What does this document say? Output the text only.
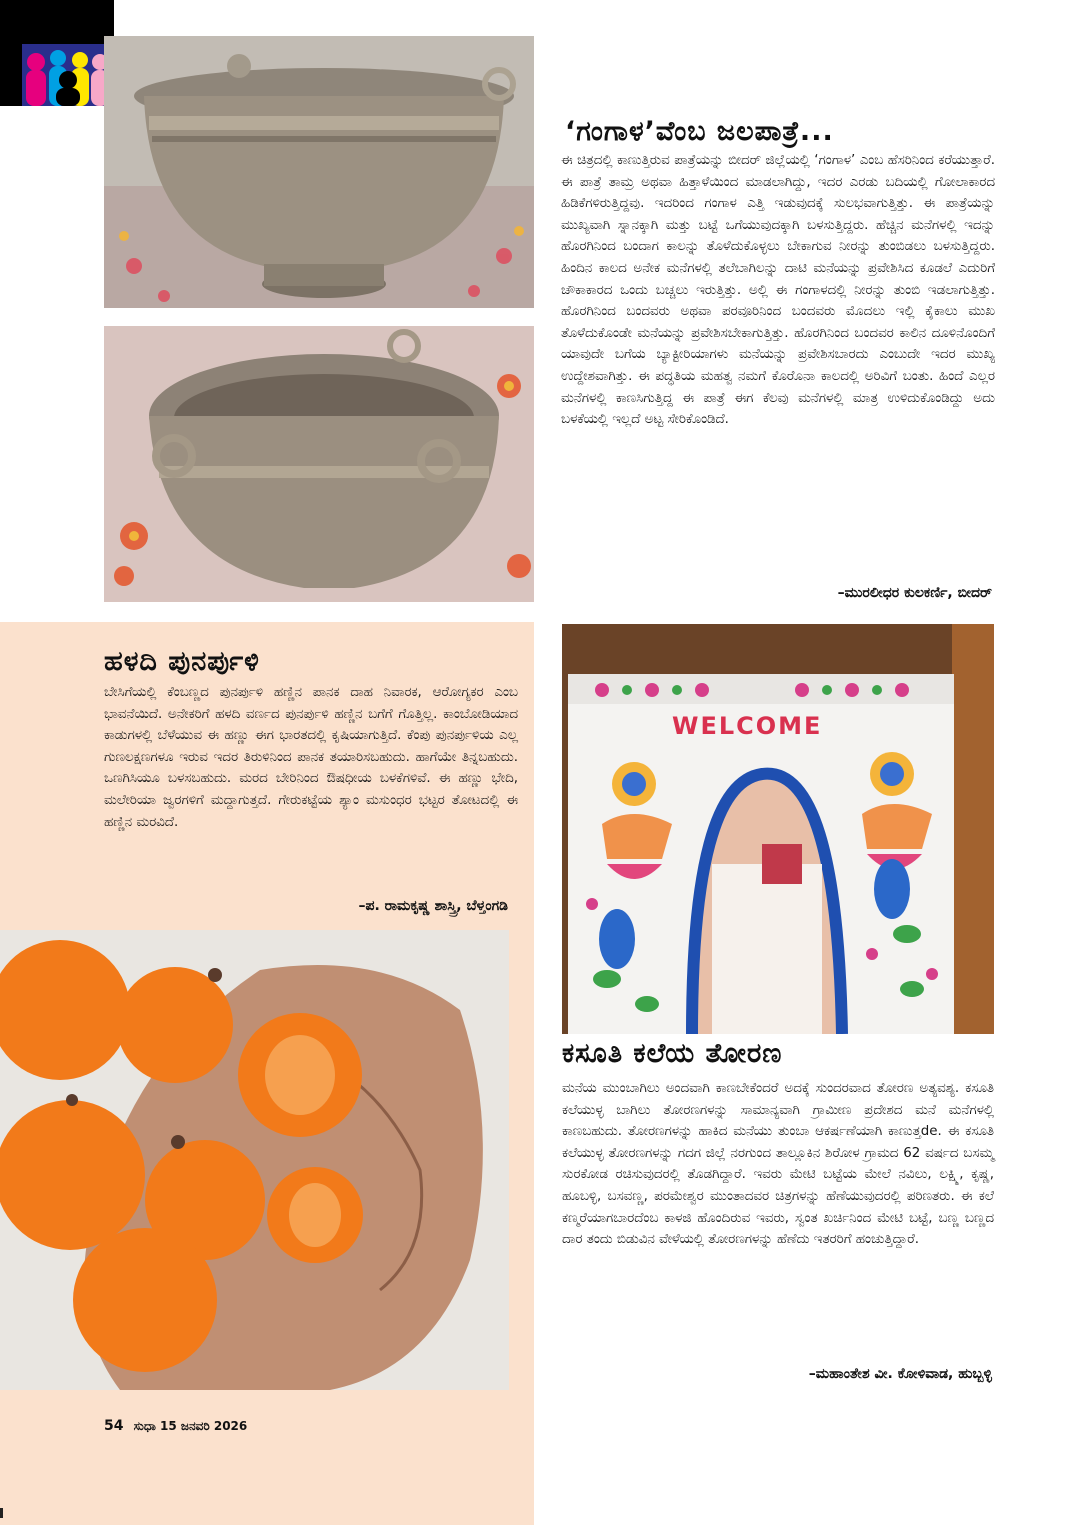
‘ಗಂಗಾಳ’ವೆಂಬ ಜಲಪಾತ್ರೆ...
ಈ ಚಿತ್ರದಲ್ಲಿ ಕಾಣುತ್ತಿರುವ ಪಾತ್ರೆಯನ್ನು ಬೀದರ್ ಜಿಲ್ಲೆಯಲ್ಲಿ ‘ಗಂಗಾಳ’ ಎಂಬ ಹೆಸರಿನಿಂದ ಕರೆಯುತ್ತಾರೆ. ಈ ಪಾತ್ರೆ ತಾಮ್ರ ಅಥವಾ ಹಿತ್ತಾಳೆಯಿಂದ ಮಾಡಲಾಗಿದ್ದು, ಇದರ ಎರಡು ಬದಿಯಲ್ಲಿ ಗೋಲಾಕಾರದ ಹಿಡಿಕೆಗಳಿರುತ್ತಿದ್ದವು. ಇದರಿಂದ ಗಂಗಾಳ ಎತ್ತಿ ಇಡುವುದಕ್ಕೆ ಸುಲಭವಾಗುತ್ತಿತ್ತು. ಈ ಪಾತ್ರೆಯನ್ನು ಮುಖ್ಯವಾಗಿ ಸ್ನಾನಕ್ಕಾಗಿ ಮತ್ತು ಬಟ್ಟೆ ಒಗೆಯುವುದಕ್ಕಾಗಿ ಬಳಸುತ್ತಿದ್ದರು. ಹೆಚ್ಚಿನ ಮನೆಗಳಲ್ಲಿ ಇದನ್ನು ಹೊರಗಿನಿಂದ ಬಂದಾಗ ಕಾಲನ್ನು ತೊಳೆದುಕೊಳ್ಳಲು ಬೇಕಾಗುವ ನೀರನ್ನು ತುಂಬಿಡಲು ಬಳಸುತ್ತಿದ್ದರು. ಹಿಂದಿನ ಕಾಲದ ಅನೇಕ ಮನೆಗಳಲ್ಲಿ ತಲೆಬಾಗಿಲನ್ನು ದಾಟಿ ಮನೆಯನ್ನು ಪ್ರವೇಶಿಸಿದ ಕೂಡಲೆ ಎದುರಿಗೆ ಚೌಕಾಕಾರದ ಒಂದು ಬಚ್ಚಲು ಇರುತ್ತಿತ್ತು. ಅಲ್ಲಿ ಈ ಗಂಗಾಳದಲ್ಲಿ ನೀರನ್ನು ತುಂಬಿ ಇಡಲಾಗುತ್ತಿತ್ತು. ಹೊರಗಿನಿಂದ ಬಂದವರು ಅಥವಾ ಪರವೂರಿನಿಂದ ಬಂದವರು ಮೊದಲು ಇಲ್ಲಿ ಕೈಕಾಲು ಮುಖ ತೊಳೆದುಕೊಂಡೇ ಮನೆಯನ್ನು ಪ್ರವೇಶಿಸಬೇಕಾಗುತ್ತಿತ್ತು. ಹೊರಗಿನಿಂದ ಬಂದವರ ಕಾಲಿನ ದೂಳಿನೊಂದಿಗೆ ಯಾವುದೇ ಬಗೆಯ ಬ್ಯಾಕ್ಟೀರಿಯಾಗಳು ಮನೆಯನ್ನು ಪ್ರವೇಶಿಸಬಾರದು ಎಂಬುದೇ ಇದರ ಮುಖ್ಯ ಉದ್ದೇಶವಾಗಿತ್ತು. ಈ ಪದ್ಧತಿಯ ಮಹತ್ವ ನಮಗೆ ಕೊರೊನಾ ಕಾಲದಲ್ಲಿ ಅರಿವಿಗೆ ಬಂತು. ಹಿಂದೆ ಎಲ್ಲರ ಮನೆಗಳಲ್ಲಿ ಕಾಣಸಿಗುತ್ತಿದ್ದ ಈ ಪಾತ್ರೆ ಈಗ ಕೆಲವು ಮನೆಗಳಲ್ಲಿ ಮಾತ್ರ ಉಳಿದುಕೊಂಡಿದ್ದು ಅದು ಬಳಕೆಯಲ್ಲಿ ಇಲ್ಲದೆ ಅಟ್ಟ ಸೇರಿಕೊಂಡಿದೆ.
–ಮುರಲೀಧರ ಕುಲಕರ್ಣಿ, ಬೀದರ್
ಹಳದಿ ಪುನರ್ಪುಳಿ
ಬೇಸಿಗೆಯಲ್ಲಿ ಕೆಂಬಣ್ಣದ ಪುನರ್ಪುಳಿ ಹಣ್ಣಿನ ಪಾನಕ ದಾಹ ನಿವಾರಕ, ಆರೋಗ್ಯಕರ ಎಂಬ ಭಾವನೆಯಿದೆ. ಅನೇಕರಿಗೆ ಹಳದಿ ವರ್ಣದ ಪುನರ್ಪುಳಿ ಹಣ್ಣಿನ ಬಗೆಗೆ ಗೊತ್ತಿಲ್ಲ. ಕಾಂಬೋಡಿಯಾದ ಕಾಡುಗಳಲ್ಲಿ ಬೆಳೆಯುವ ಈ ಹಣ್ಣು ಈಗ ಭಾರತದಲ್ಲಿ ಕೃಷಿಯಾಗುತ್ತಿದೆ. ಕೆಂಪು ಪುನರ್ಪುಳಿಯ ಎಲ್ಲ ಗುಣಲಕ್ಷಣಗಳೂ ಇರುವ ಇದರ ತಿರುಳಿನಿಂದ ಪಾನಕ ತಯಾರಿಸಬಹುದು. ಹಾಗೆಯೇ ತಿನ್ನಬಹುದು. ಒಣಗಿಸಿಯೂ ಬಳಸಬಹುದು. ಮರದ ಬೇರಿನಿಂದ ಔಷಧೀಯ ಬಳಕೆಗಳಿವೆ. ಈ ಹಣ್ಣು ಭೇದಿ, ಮಲೇರಿಯಾ ಜ್ವರಗಳಿಗೆ ಮದ್ದಾಗುತ್ತದೆ. ಗೇರುಕಟ್ಟೆಯ ಶ್ಯಾಂ ಮಸುಂಧರ ಭಟ್ಟರ ತೋಟದಲ್ಲಿ ಈ ಹಣ್ಣಿನ ಮರವಿದೆ.
–ಪ. ರಾಮಕೃಷ್ಣ ಶಾಸ್ತ್ರಿ, ಬೆಳ್ತಂಗಡಿ
WELCOME
ಕಸೂತಿ ಕಲೆಯ ತೋರಣ
ಮನೆಯ ಮುಂಬಾಗಿಲು ಅಂದವಾಗಿ ಕಾಣಬೇಕೆಂದರೆ ಅದಕ್ಕೆ ಸುಂದರವಾದ ತೋರಣ ಅತ್ಯವಶ್ಯ. ಕಸೂತಿ ಕಲೆಯುಳ್ಳ ಬಾಗಿಲು ತೋರಣಗಳನ್ನು ಸಾಮಾನ್ಯವಾಗಿ ಗ್ರಾಮೀಣ ಪ್ರದೇಶದ ಮನೆ ಮನೆಗಳಲ್ಲಿ ಕಾಣಬಹುದು. ತೋರಣಗಳನ್ನು ಹಾಕಿದ ಮನೆಯು ತುಂಬಾ ಆಕರ್ಷಣೆಯಾಗಿ ಕಾಣುತ್ತde. ಈ ಕಸೂತಿ ಕಲೆಯುಳ್ಳ ತೋರಣಗಳನ್ನು ಗದಗ ಜಿಲ್ಲೆ ನರಗುಂದ ತಾಲ್ಲೂಕಿನ ಶಿರೋಳ ಗ್ರಾಮದ 62 ವರ್ಷದ ಬಸಮ್ಮ ಸುರಕೋಡ ರಚಿಸುವುದರಲ್ಲಿ ತೊಡಗಿದ್ದಾರೆ. ಇವರು ಮೇಟಿ ಬಟ್ಟೆಯ ಮೇಲೆ ನವಿಲು, ಲಕ್ಷ್ಮಿ, ಕೃಷ್ಣ, ಹೂಬಳ್ಳಿ, ಬಸವಣ್ಣ, ಪರಮೇಶ್ವರ ಮುಂತಾದವರ ಚಿತ್ರಗಳನ್ನು ಹೆಣೆಯುವುದರಲ್ಲಿ ಪರಿಣತರು. ಈ ಕಲೆ ಕಣ್ಮರೆಯಾಗಬಾರದೆಂಬ ಕಾಳಜಿ ಹೊಂದಿರುವ ಇವರು, ಸ್ವಂತ ಖರ್ಚಿನಿಂದ ಮೇಟಿ ಬಟ್ಟೆ, ಬಣ್ಣ ಬಣ್ಣದ ದಾರ ತಂದು ಬಿಡುವಿನ ವೇಳೆಯಲ್ಲಿ ತೋರಣಗಳನ್ನು ಹೆಣೆದು ಇತರರಿಗೆ ಹಂಚುತ್ತಿದ್ದಾರೆ.
–ಮಹಾಂತೇಶ ವೀ. ಕೋಳಿವಾಡ, ಹುಬ್ಬಳ್ಳಿ
54 ಸುಧಾ 15 ಜನವರಿ 2026
